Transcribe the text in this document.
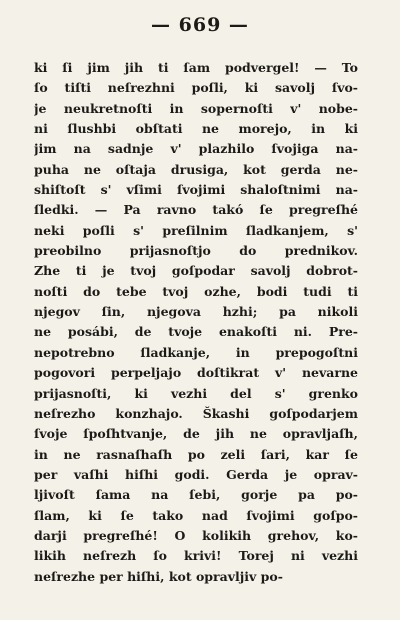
— 669 —
ki ſi jim jih ti ſam podvergel! — To
ſo tiſti neſrezhni poſli, ki savolj ſvo-
je neukretnoſti in sopernoſti v' nobe-
ni ſlushbi obſtati ne morejo, in ki
jim na sadnje v' plazhilo ſvojiga na-
puha ne oſtaja drusiga, kot gerda ne-
shiſtoſt s' vſimi ſvojimi shaloſtnimi na-
ſledki. — Pa ravno takó ſe pregreſhé
neki poſli s' preſilnim ſladkanjem, s'
preobilno prijasnoſtjo do prednikov.
Zhe ti je tvoj goſpodar savolj dobrot-
noſti do tebe tvoj ozhe, bodi tudi ti
njegov ſin, njegova hzhi; pa nikoli
ne posábi, de tvoje enakoſti ni. Pre-
nepotrebno ſladkanje, in prepogoſtni
pogovori perpeljajo doſtikrat v' nevarne
prijasnoſti, ki vezhi del s' grenko
neſrezho konzhajo. Škashi goſpodarjem
ſvoje ſpoſhtvanje, de jih ne opravljaſh,
in ne rasnaſhaſh po zeli ſari, kar ſe
per vaſhi hiſhi godi. Gerda je oprav-
ljivoſt ſama na ſebi, gorje pa po-
ſlam, ki ſe tako nad ſvojimi goſpo-
darji pregreſhé! O kolikih grehov, ko-
likih neſrezh ſo krivi! Torej ni vezhi
neſrezhe per hiſhi, kot opravljiv po-
